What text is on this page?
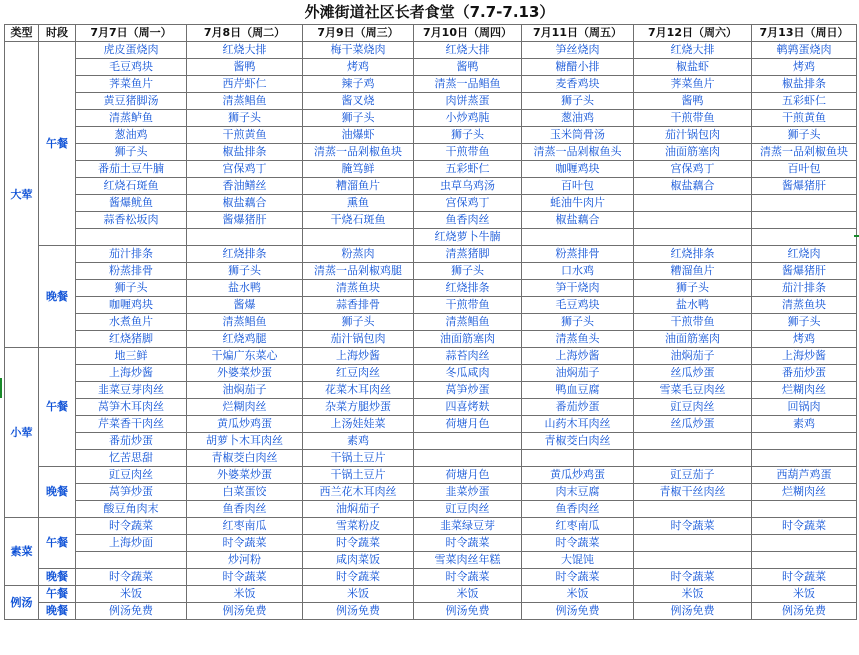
外滩街道社区长者食堂（7.7-7.13）
类型	时段	7月7日（周一）	7月8日（周二）	7月9日（周三）	7月10日（周四）	7月11日（周五）	7月12日（周六）	7月13日（周日）
大荤	午餐	虎皮蛋烧肉	红烧大排	梅干菜烧肉	红烧大排	笋丝烧肉	红烧大排	鹌鹑蛋烧肉
		毛豆鸡块	酱鸭	烤鸡	酱鸭	糖醋小排	椒盐虾	烤鸡
		荠菜鱼片	西芹虾仁	辣子鸡	清蒸一品鲳鱼	麦香鸡块	荠菜鱼片	椒盐排条
		黄豆猪脚汤	清蒸鲳鱼	酱叉烧	肉饼蒸蛋	狮子头	酱鸭	五彩虾仁
		清蒸鲈鱼	狮子头	狮子头	小炒鸡肫	葱油鸡	干煎带鱼	干煎黄鱼
		葱油鸡	干煎黄鱼	油爆虾	狮子头	玉米筒骨汤	茄汁锅包肉	狮子头
		狮子头	椒盐排条	清蒸一品剁椒鱼块	干煎带鱼	清蒸一品剁椒鱼头	油面筋塞肉	清蒸一品剁椒鱼块
		番茄土豆牛腩	宫保鸡丁	腌笃鲜	五彩虾仁	咖喱鸡块	宫保鸡丁	百叶包
		红烧石斑鱼	香油鳝丝	糟溜鱼片	虫草乌鸡汤	百叶包	椒盐藕合	酱爆猪肝
		酱爆鱿鱼	椒盐藕合	熏鱼	宫保鸡丁	蚝油牛肉片		
		蒜香松坂肉	酱爆猪肝	干烧石斑鱼	鱼香肉丝	椒盐藕合		
					红烧萝卜牛腩			
	晚餐	茄汁排条	红烧排条	粉蒸肉	清蒸猪脚	粉蒸排骨	红烧排条	红烧肉
		粉蒸排骨	狮子头	清蒸一品剁椒鸡腿	狮子头	口水鸡	糟溜鱼片	酱爆猪肝
		狮子头	盐水鸭	清蒸鱼块	红烧排条	笋干烧肉	狮子头	茄汁排条
		咖喱鸡块	酱爆	蒜香排骨	干煎带鱼	毛豆鸡块	盐水鸭	清蒸鱼块
		水煮鱼片	清蒸鲳鱼	狮子头	清蒸鲳鱼	狮子头	干煎带鱼	狮子头
		红烧猪脚	红烧鸡腿	茄汁锅包肉	油面筋塞肉	清蒸鱼头	油面筋塞肉	烤鸡
小荤	午餐	地三鲜	干煸广东菜心	上海炒酱	蒜苔肉丝	上海炒酱	油焖茄子	上海炒酱
		上海炒酱	外婆菜炒蛋	红豆肉丝	冬瓜咸肉	油焖茄子	丝瓜炒蛋	番茄炒蛋
		韭菜豆芽肉丝	油焖茄子	花菜木耳肉丝	莴笋炒蛋	鸭血豆腐	雪菜毛豆肉丝	烂糊肉丝
		莴笋木耳肉丝	烂糊肉丝	杂菜方腿炒蛋	四喜烤麸	番茄炒蛋	豇豆肉丝	回锅肉
		芹菜香干肉丝	黄瓜炒鸡蛋	上汤娃娃菜	荷塘月色	山药木耳肉丝	丝瓜炒蛋	素鸡
		番茄炒蛋	胡萝卜木耳肉丝	素鸡		青椒茭白肉丝		
		忆苦思甜	青椒茭白肉丝	干锅土豆片				
	晚餐	豇豆肉丝	外婆菜炒蛋	干锅土豆片	荷塘月色	黄瓜炒鸡蛋	豇豆茄子	西葫芦鸡蛋
		莴笋炒蛋	白菜蛋饺	西兰花木耳肉丝	韭菜炒蛋	肉末豆腐	青椒干丝肉丝	烂糊肉丝
		酸豆角肉末	鱼香肉丝	油焖茄子	豇豆肉丝	鱼香肉丝		
素菜	午餐	时令蔬菜	红枣南瓜	雪菜粉皮	韭菜绿豆芽	红枣南瓜	时令蔬菜	时令蔬菜
		上海炒面	时令蔬菜	时令蔬菜	时令蔬菜	时令蔬菜		
			炒河粉	咸肉菜饭	雪菜肉丝年糕	大馄饨		
	晚餐	时令蔬菜	时令蔬菜	时令蔬菜	时令蔬菜	时令蔬菜	时令蔬菜	时令蔬菜
例汤	午餐	米饭	米饭	米饭	米饭	米饭	米饭	米饭
	晚餐	例汤免费	例汤免费	例汤免费	例汤免费	例汤免费	例汤免费	例汤免费
